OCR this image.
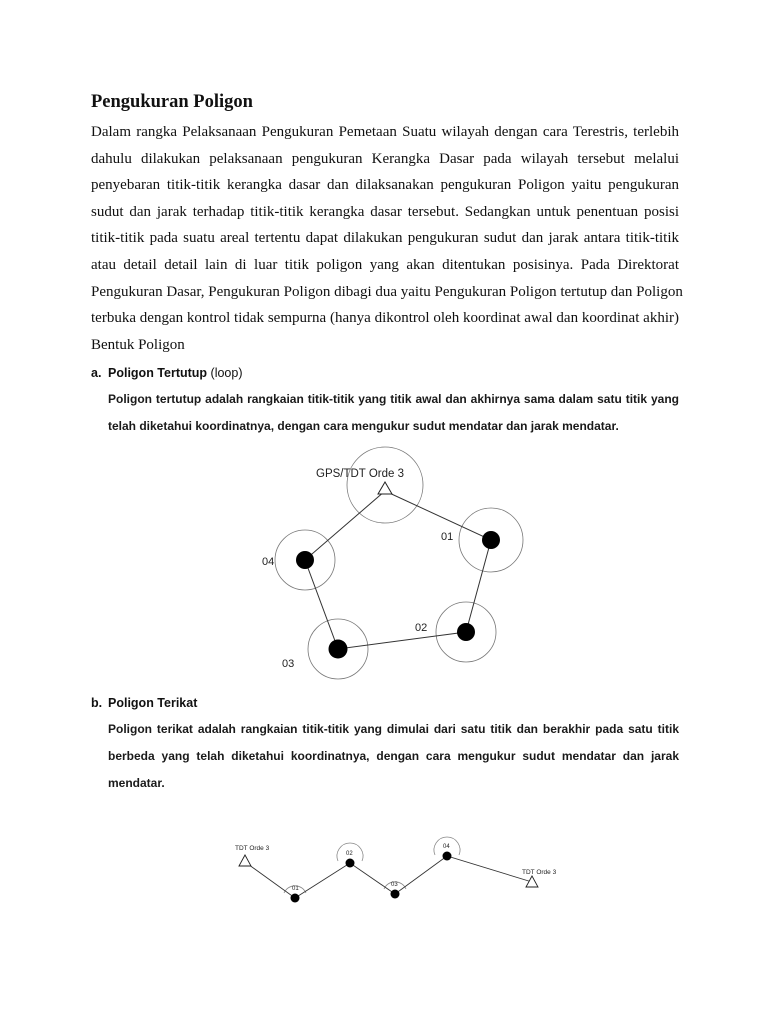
Pengukuran Poligon

Dalam rangka Pelaksanaan Pengukuran Pemetaan Suatu wilayah dengan cara Terestris, terlebih
dahulu dilakukan pelaksanaan pengukuran Kerangka Dasar pada wilayah tersebut melalui
penyebaran titik-titik kerangka dasar dan dilaksanakan pengukuran Poligon yaitu pengukuran
sudut dan jarak terhadap titik-titik kerangka dasar tersebut. Sedangkan untuk penentuan posisi
titik-titik pada suatu areal tertentu dapat dilakukan pengukuran sudut dan jarak antara titik-titik
atau detail detail lain di luar titik poligon yang akan ditentukan posisinya. Pada Direktorat
Pengukuran Dasar, Pengukuran Poligon dibagi dua yaitu Pengukuran Poligon tertutup dan Poligon
terbuka dengan kontrol tidak sempurna (hanya dikontrol oleh koordinat awal dan koordinat akhir)

Bentuk Poligon

a. Poligon Tertutup (loop)

Poligon tertutup adalah rangkaian titik-titik yang titik awal dan akhirnya sama dalam satu titik yang
telah diketahui koordinatnya, dengan cara mengukur sudut mendatar dan jarak mendatar.

GPS/TDT Orde 3
01
02
03
04

b. Poligon Terikat

Poligon terikat adalah rangkaian titik-titik yang dimulai dari satu titik dan berakhir pada satu titik
berbeda yang telah diketahui koordinatnya, dengan cara mengukur sudut mendatar dan jarak
mendatar.

TDT Orde 3
TDT Orde 3
01
02
03
04
